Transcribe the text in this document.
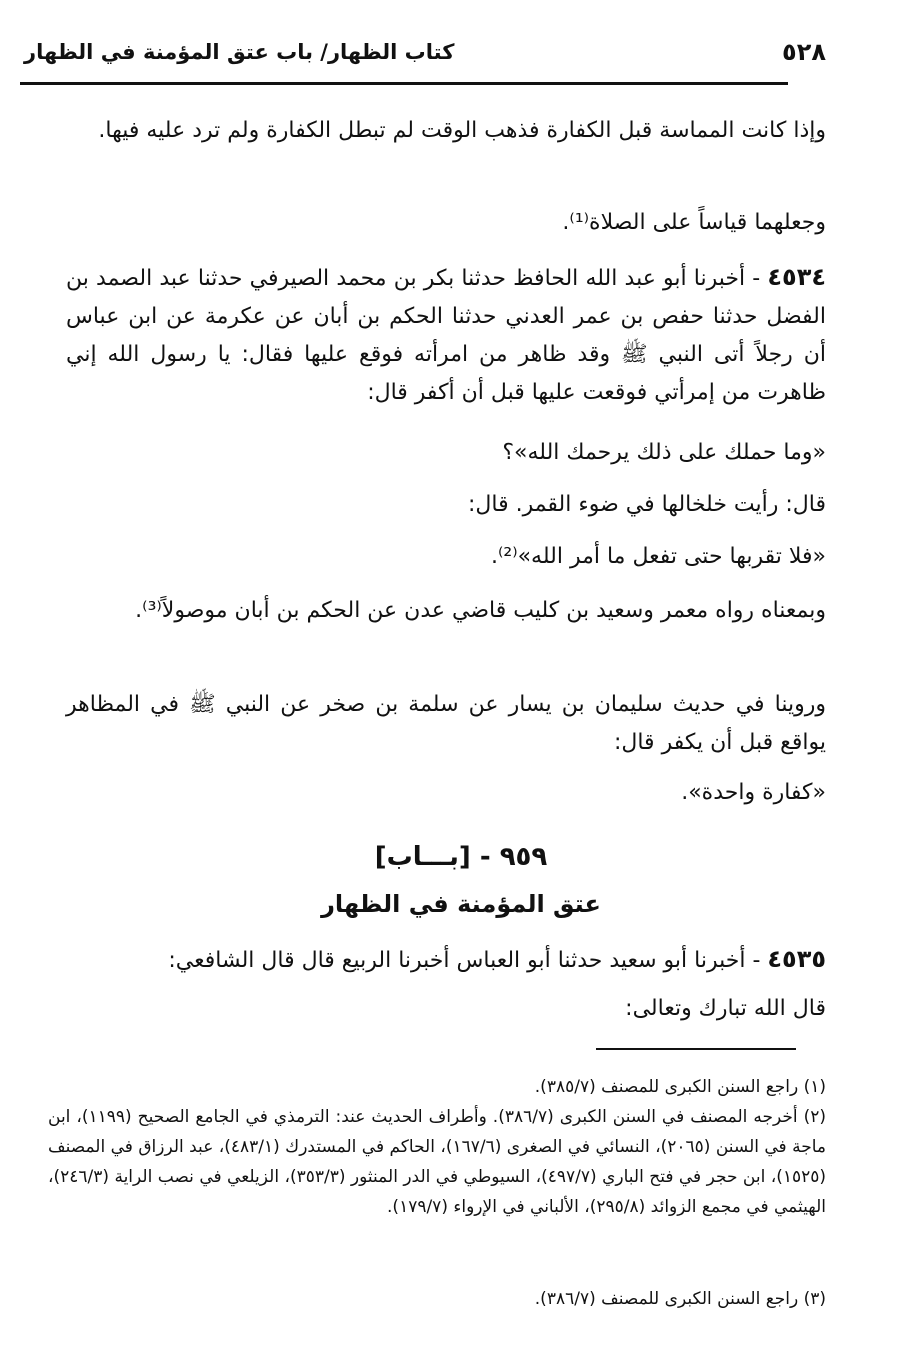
٥٢٨
كتاب الظهار/ باب عتق المؤمنة في الظهار

وإذا كانت المماسة قبل الكفارة فذهب الوقت لم تبطل الكفارة ولم ترد عليه فيها.

وجعلهما قياساً على الصلاة⁽¹⁾.

٤٥٣٤ - أخبرنا أبو عبد الله الحافظ حدثنا بكر بن محمد الصيرفي حدثنا عبد الصمد بن الفضل حدثنا حفص بن عمر العدني حدثنا الحكم بن أبان عن عكرمة عن ابن عباس أن رجلاً أتى النبي ﷺ وقد ظاهر من امرأته فوقع عليها فقال: يا رسول الله إني ظاهرت من إمرأتي فوقعت عليها قبل أن أكفر قال:

«وما حملك على ذلك يرحمك الله»؟

قال: رأيت خلخالها في ضوء القمر. قال:

«فلا تقربها حتى تفعل ما أمر الله»⁽²⁾.

وبمعناه رواه معمر وسعيد بن كليب قاضي عدن عن الحكم بن أبان موصولاً⁽³⁾.

وروينا في حديث سليمان بن يسار عن سلمة بن صخر عن النبي ﷺ في المظاهر يواقع قبل أن يكفر قال:

«كفارة واحدة».

٩٥٩ - [بـــاب]
عتق المؤمنة في الظهار

٤٥٣٥ - أخبرنا أبو سعيد حدثنا أبو العباس أخبرنا الربيع قال قال الشافعي:

قال الله تبارك وتعالى:

(١) راجع السنن الكبرى للمصنف (٣٨٥/٧).

(٢) أخرجه المصنف في السنن الكبرى (٣٨٦/٧). وأطراف الحديث عند: الترمذي في الجامع الصحيح (١١٩٩)، ابن ماجة في السنن (٢٠٦٥)، النسائي في الصغرى (١٦٧/٦)، الحاكم في المستدرك (٤٨٣/١)، عبد الرزاق في المصنف (١٥٢٥)، ابن حجر في فتح الباري (٤٩٧/٧)، السيوطي في الدر المنثور (٣٥٣/٣)، الزيلعي في نصب الراية (٢٤٦/٣)، الهيثمي في مجمع الزوائد (٢٩٥/٨)، الألباني في الإرواء (١٧٩/٧).

(٣) راجع السنن الكبرى للمصنف (٣٨٦/٧).
